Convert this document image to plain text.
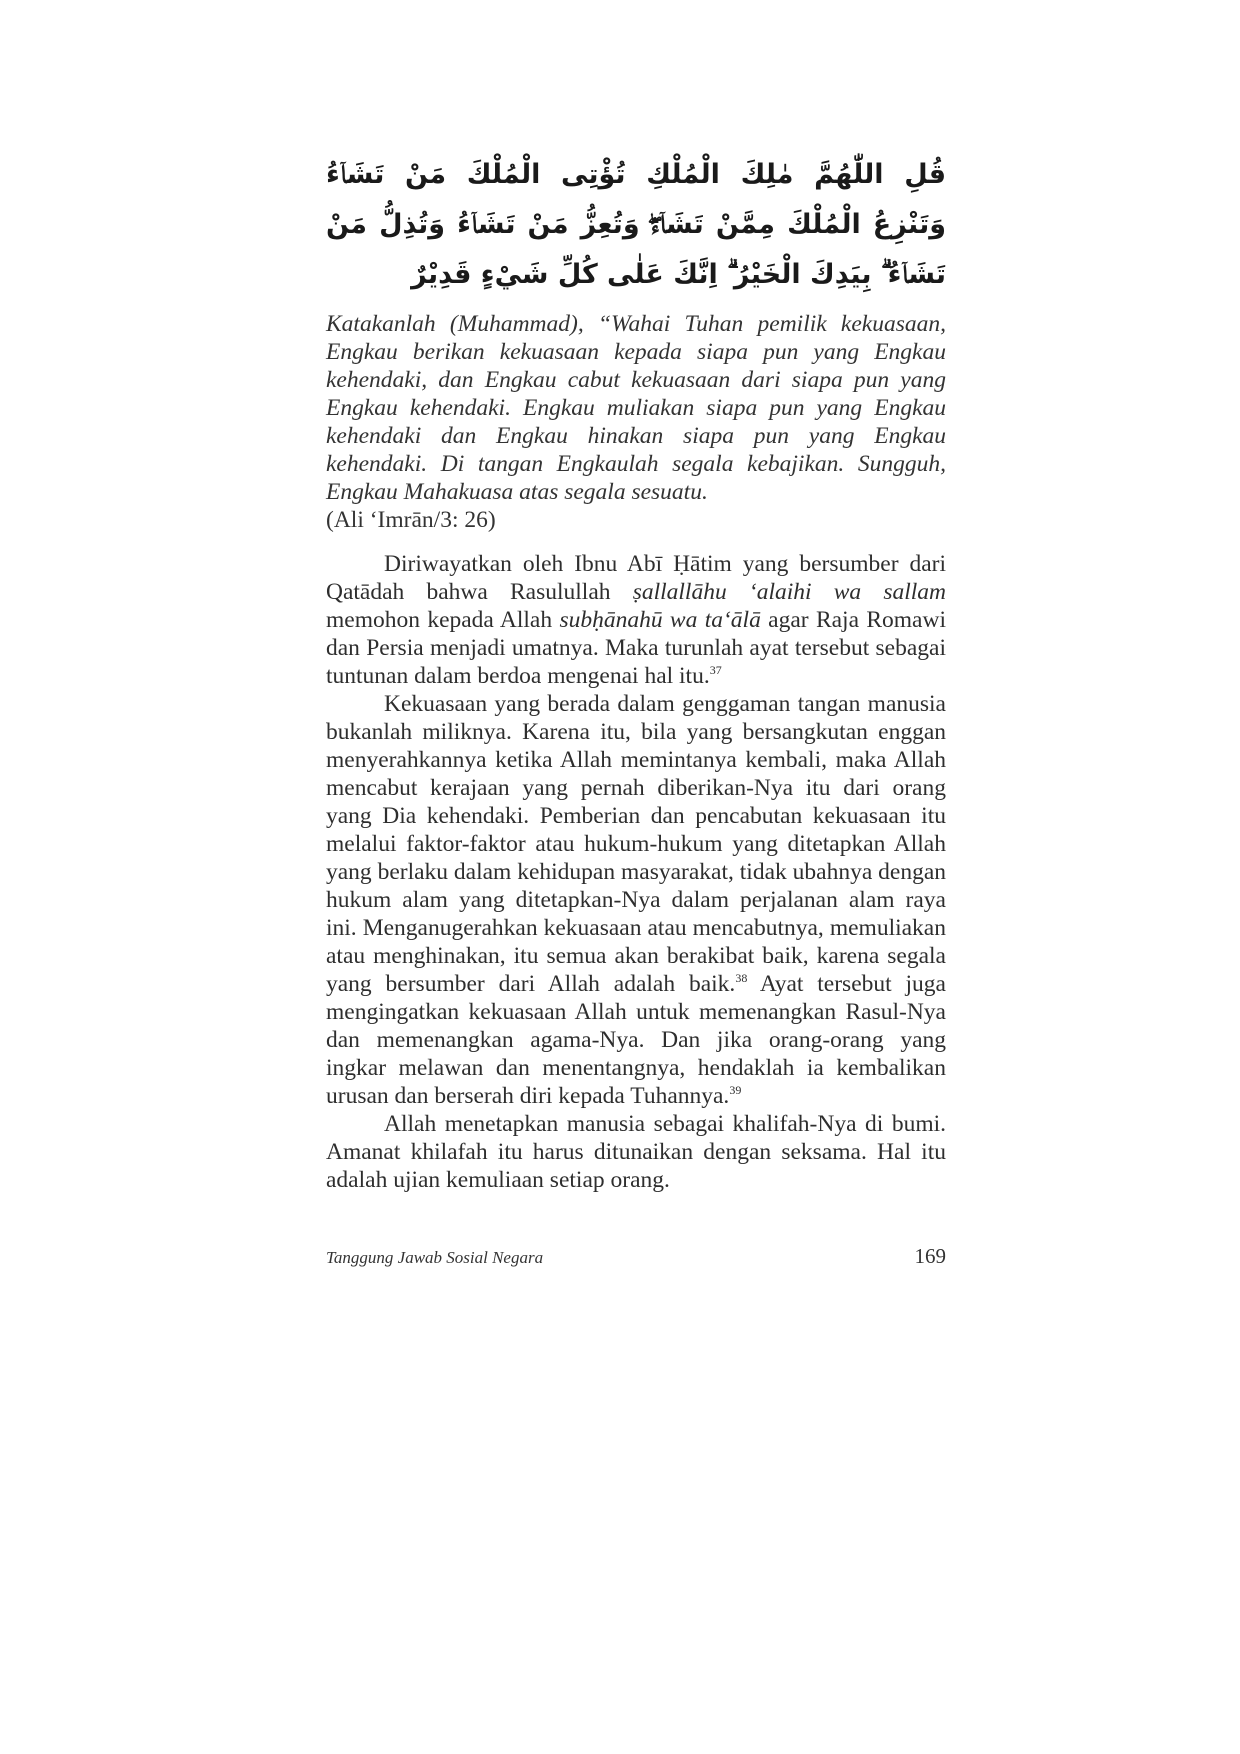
قُلِ اللّٰهُمَّ مٰلِكَ الْمُلْكِ تُؤْتِى الْمُلْكَ مَنْ تَشَاۤءُ وَتَنْزِعُ الْمُلْكَ مِمَّنْ تَشَاۤءُۖ وَتُعِزُّ مَنْ تَشَاۤءُ وَتُذِلُّ مَنْ تَشَاۤءُ ۗ بِيَدِكَ الْخَيْرُ ۗ اِنَّكَ عَلٰى كُلِّ شَيْءٍ قَدِيْرٌ

Katakanlah (Muhammad), “Wahai Tuhan pemilik kekuasaan, Engkau berikan kekuasaan kepada siapa pun yang Engkau kehendaki, dan Engkau cabut kekuasaan dari siapa pun yang Engkau kehendaki. Engkau muliakan siapa pun yang Engkau kehendaki dan Engkau hinakan siapa pun yang Engkau kehendaki. Di tangan Engkaulah segala kebajikan. Sungguh, Engkau Mahakuasa atas segala sesuatu.

(Ali ‘Imrān/3: 26)

Diriwayatkan oleh Ibnu Abī Ḥātim yang bersumber dari Qatādah bahwa Rasulullah ṣallallāhu ‘alaihi wa sallam memohon kepada Allah subḥānahū wa ta‘ālā agar Raja Romawi dan Persia menjadi umatnya. Maka turunlah ayat tersebut sebagai tuntunan dalam berdoa mengenai hal itu.$^{37}$

Kekuasaan yang berada dalam genggaman tangan manusia bukanlah miliknya. Karena itu, bila yang bersangkutan enggan menyerahkannya ketika Allah memintanya kembali, maka Allah mencabut kerajaan yang pernah diberikan-Nya itu dari orang yang Dia kehendaki. Pemberian dan pencabutan kekuasaan itu melalui faktor-faktor atau hukum-hukum yang ditetapkan Allah yang berlaku dalam kehidupan masyarakat, tidak ubahnya dengan hukum alam yang ditetapkan-Nya dalam perjalanan alam raya ini. Menganugerahkan kekuasaan atau mencabutnya, memuliakan atau menghinakan, itu semua akan berakibat baik, karena segala yang bersumber dari Allah adalah baik.$^{38}$ Ayat tersebut juga mengingatkan kekuasaan Allah untuk memenangkan Rasul-Nya dan memenangkan agama-Nya. Dan jika orang-orang yang ingkar melawan dan menentangnya, hendaklah ia kembalikan urusan dan berserah diri kepada Tuhannya.$^{39}$

Allah menetapkan manusia sebagai khalifah-Nya di bumi. Amanat khilafah itu harus ditunaikan dengan seksama. Hal itu adalah ujian kemuliaan setiap orang.

Tanggung Jawab Sosial Negara	169
